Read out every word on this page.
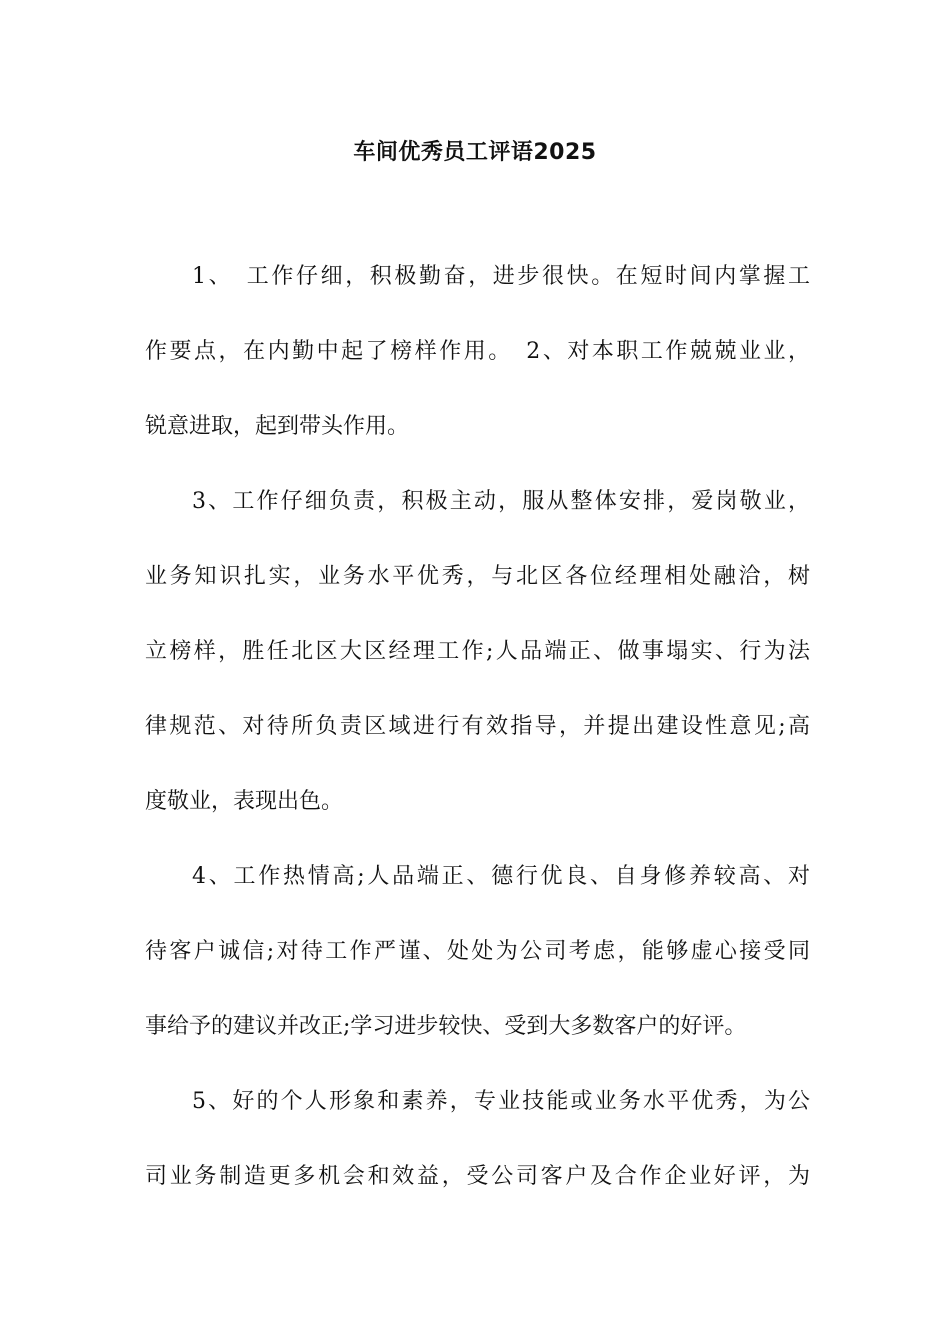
车间优秀员工评语2025
1、　工作仔细，积极勤奋，进步很快。在短时间内掌握工
作要点，在内勤中起了榜样作用。　2、对本职工作兢兢业业，
锐意进取，起到带头作用。
3、工作仔细负责，积极主动，服从整体安排，爱岗敬业，
业务知识扎实，业务水平优秀，与北区各位经理相处融洽，树
立榜样，胜任北区大区经理工作;人品端正、做事塌实、行为法
律规范、对待所负责区域进行有效指导，并提出建设性意见;高
度敬业，表现出色。
4、工作热情高;人品端正、德行优良、自身修养较高、对
待客户诚信;对待工作严谨、处处为公司考虑，能够虚心接受同
事给予的建议并改正;学习进步较快、受到大多数客户的好评。
5、好的个人形象和素养，专业技能或业务水平优秀，为公
司业务制造更多机会和效益，受公司客户及合作企业好评，为
